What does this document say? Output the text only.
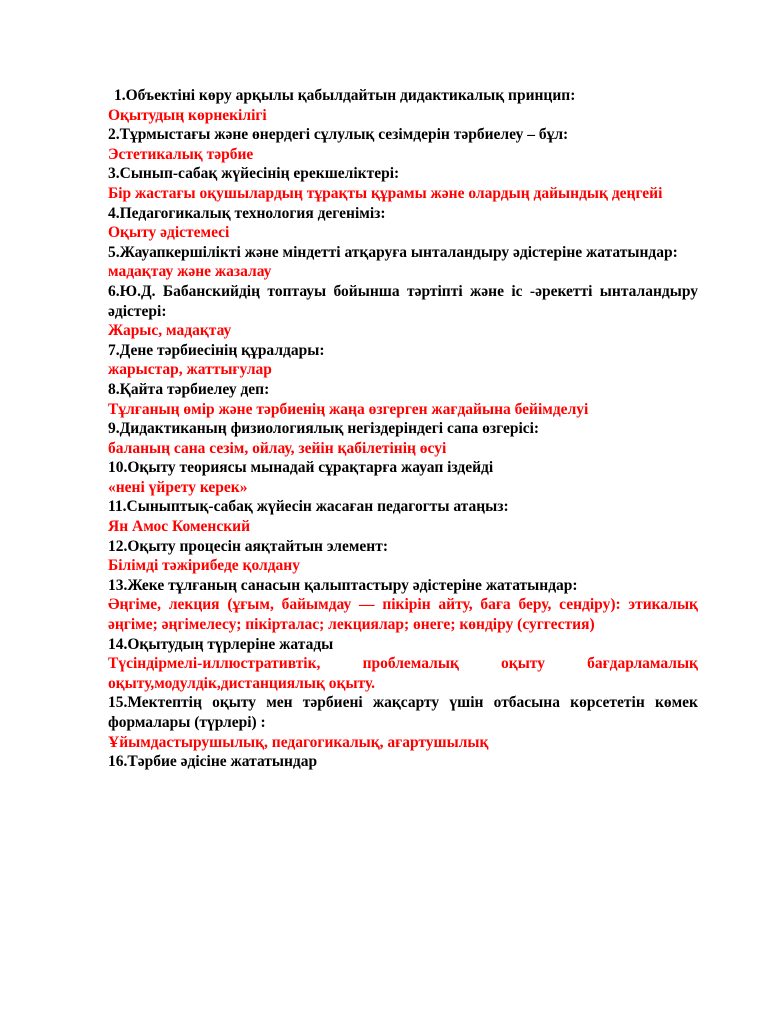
1.Объектіні көру арқылы қабылдайтын дидактикалық принцип:
Оқытудың көрнекілігі
2.Тұрмыстағы және өнердегі сұлулық сезімдерін тәрбиелеу – бұл:
Эстетикалық тәрбие
3.Сынып-сабақ жүйесінің ерекшеліктері:
Бір жастағы оқушылардың тұрақты құрамы және олардың дайындық деңгейі
4.Педагогикалық технология дегеніміз:
Оқыту әдістемесі
5.Жауапкершілікті және міндетті атқаруға ынталандыру әдістеріне жататындар:
мадақтау және жазалау
6.Ю.Д. Бабанскийдің топтауы бойынша тәртіпті және іс -әрекетті ынталандыру әдістері:
Жарыс, мадақтау
7.Дене тәрбиесінің құралдары:
жарыстар, жаттығулар
8.Қайта тәрбиелеу деп:
Тұлғаның өмір және тәрбиенің жаңа өзгерген жағдайына бейімделуі
9.Дидактиканың физиологиялық негіздеріндегі сапа өзгерісі:
баланың сана сезім, ойлау, зейін қабілетінің өсуі
10.Оқыту теориясы мынадай сұрақтарға жауап іздейді
«нені үйрету керек»
11.Сыныптық-сабақ жүйесін жасаған педагогты атаңыз:
Ян Амос Коменский
12.Оқыту процесін аяқтайтын элемент:
Білімді тәжірибеде қолдану
13.Жеке тұлғаның санасын қалыптастыру әдістеріне жататындар:
Әңгіме, лекция (ұғым, байымдау — пікірін айту, баға беру, сендіру): этикалық әңгіме; әңгімелесу; пікірталас; лекциялар; өнеге; көндіру (суггестия)
14.Оқытудың түрлеріне жатады
Түсіндірмелі-иллюстративтік, проблемалық оқыту бағдарламалық оқыту,модулдік,дистанциялық оқыту.
15.Мектептің оқыту мен тәрбиені жақсарту үшін отбасына көрсететін көмек формалары (түрлері) :
Ұйымдастырушылық, педагогикалық, ағартушылық
16.Тәрбие әдісіне жататындар
